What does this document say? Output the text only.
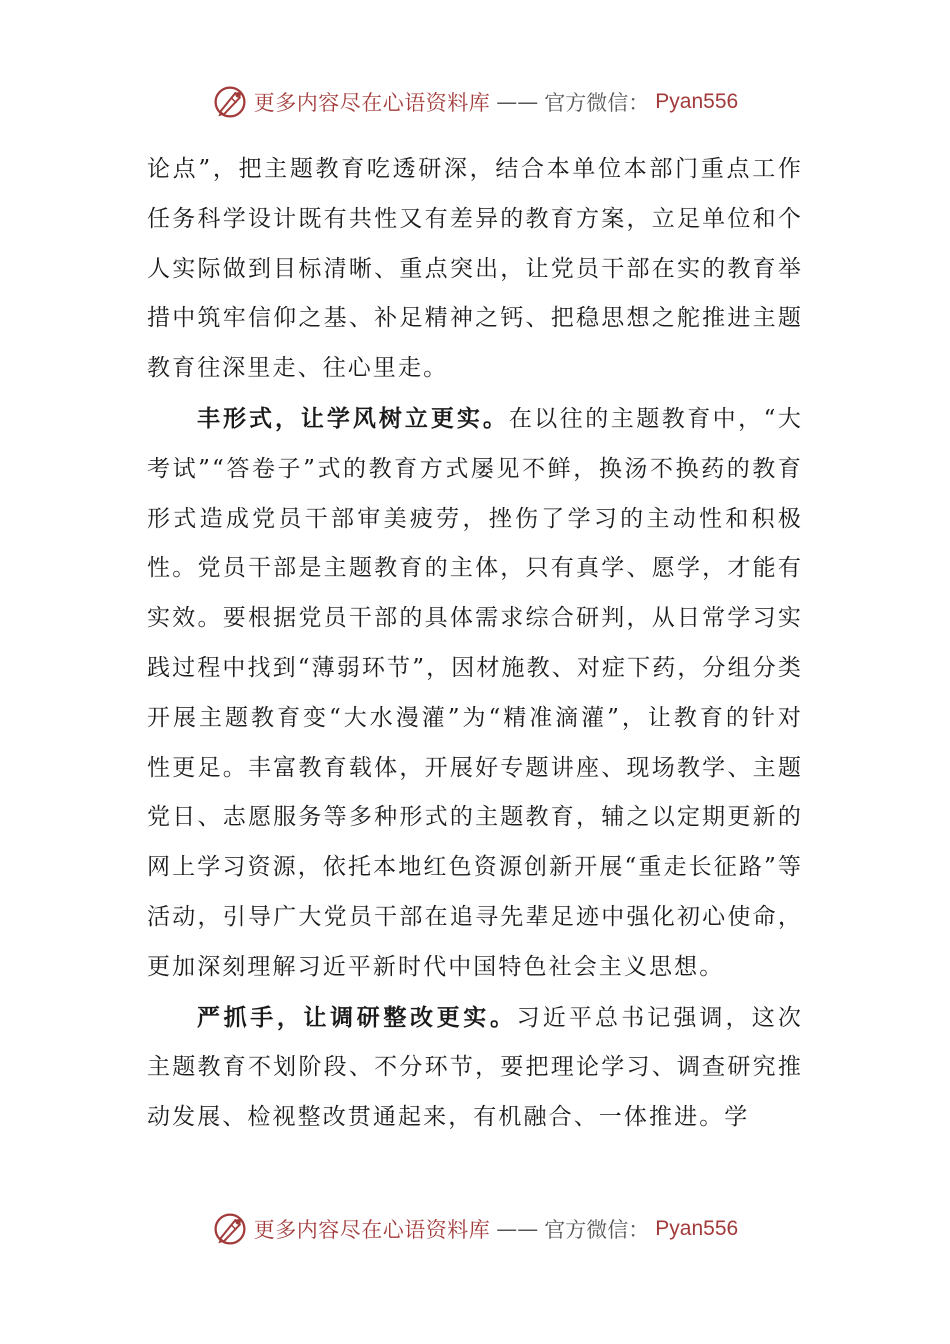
更多内容尽在心语资料库 —— 官方微信： Pyan556

论点”，把主题教育吃透研深，结合本单位本部门重点工作任务科学设计既有共性又有差异的教育方案，立足单位和个人实际做到目标清晰、重点突出，让党员干部在实的教育举措中筑牢信仰之基、补足精神之钙、把稳思想之舵推进主题教育往深里走、往心里走。

丰形式，让学风树立更实。在以往的主题教育中，“大考试”“答卷子”式的教育方式屡见不鲜，换汤不换药的教育形式造成党员干部审美疲劳，挫伤了学习的主动性和积极性。党员干部是主题教育的主体，只有真学、愿学，才能有实效。要根据党员干部的具体需求综合研判，从日常学习实践过程中找到“薄弱环节”，因材施教、对症下药，分组分类开展主题教育变“大水漫灌”为“精准滴灌”，让教育的针对性更足。丰富教育载体，开展好专题讲座、现场教学、主题党日、志愿服务等多种形式的主题教育，辅之以定期更新的网上学习资源，依托本地红色资源创新开展“重走长征路”等活动，引导广大党员干部在追寻先辈足迹中强化初心使命，更加深刻理解习近平新时代中国特色社会主义思想。

严抓手，让调研整改更实。习近平总书记强调，这次主题教育不划阶段、不分环节，要把理论学习、调查研究推动发展、检视整改贯通起来，有机融合、一体推进。学

更多内容尽在心语资料库 —— 官方微信： Pyan556
